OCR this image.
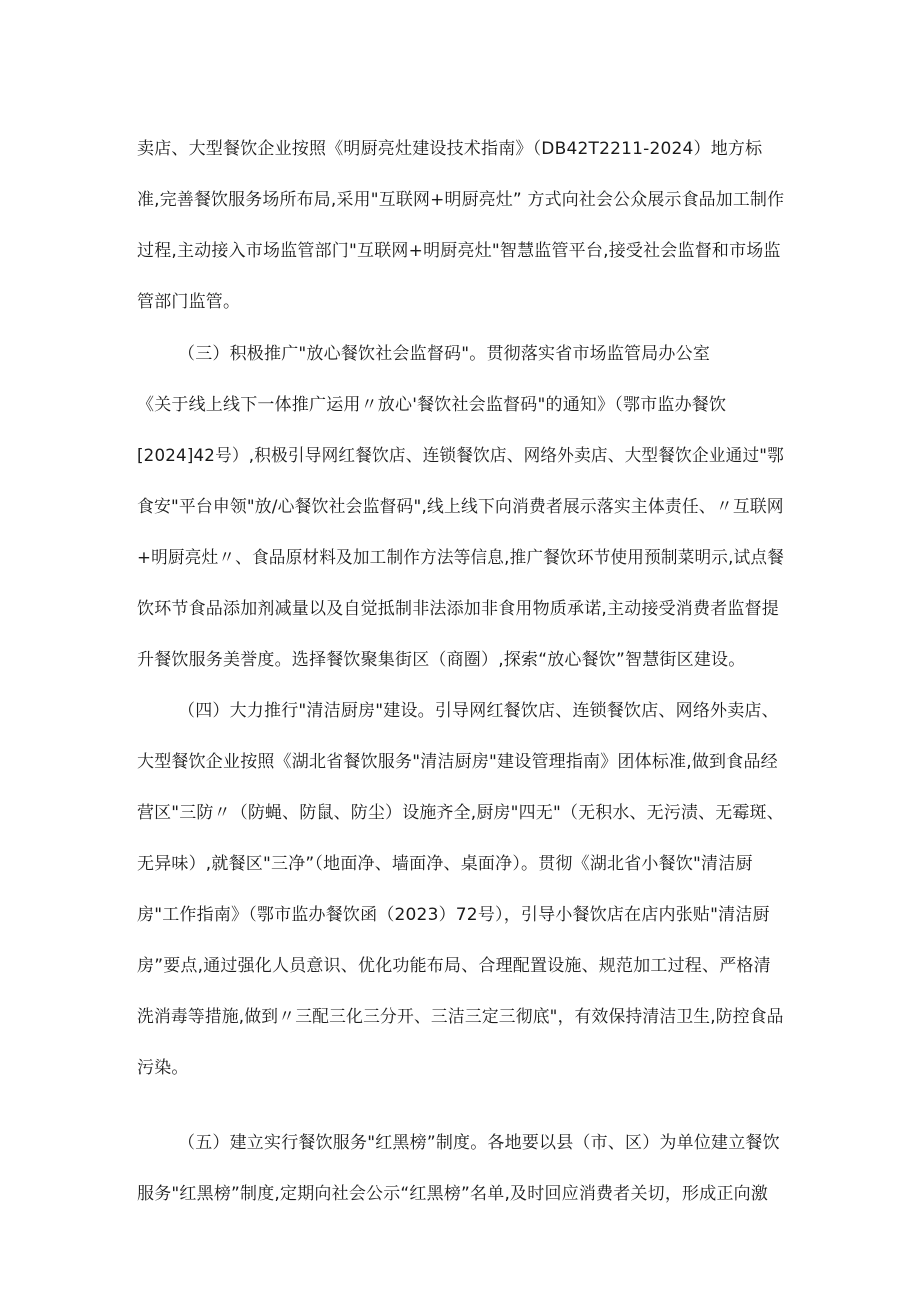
卖店、大型餐饮企业按照《明厨亮灶建设技术指南》（DB42T2211-2024）地方标
准,完善餐饮服务场所布局,采用"互联网+明厨亮灶” 方式向社会公众展示食品加工制作
过程,主动接入市场监管部门"互联网+明厨亮灶"智慧监管平台,接受社会监督和市场监
管部门监管。
（三）积极推广"放心餐饮社会监督码"。贯彻落实省市场监管局办公室
《关于线上线下一体推广运用〃放心'餐饮社会监督码"的通知》（鄂市监办餐饮
[2024]42号）,积极引导网红餐饮店、连锁餐饮店、网络外卖店、大型餐饮企业通过"鄂
食安"平台申领"放/心餐饮社会监督码",线上线下向消费者展示落实主体责任、〃互联网
+明厨亮灶〃、食品原材料及加工制作方法等信息,推广餐饮环节使用预制菜明示,试点餐
饮环节食品添加剂减量以及自觉抵制非法添加非食用物质承诺,主动接受消费者监督提
升餐饮服务美誉度。选择餐饮聚集街区（商圈）,探索“放心餐饮”智慧街区建设。
（四）大力推行"清洁厨房"建设。引导网红餐饮店、连锁餐饮店、网络外卖店、
大型餐饮企业按照《湖北省餐饮服务"清洁厨房"建设管理指南》团体标准,做到食品经
营区"三防〃（防蝇、防鼠、防尘）设施齐全,厨房"四无"（无积水、无污渍、无霉斑、
无异味）,就餐区"三净”（地面净、墙面净、桌面净）。贯彻《湖北省小餐饮"清洁厨
房"工作指南》（鄂市监办餐饮函（2023）72号），引导小餐饮店在店内张贴"清洁厨
房”要点,通过强化人员意识、优化功能布局、合理配置设施、规范加工过程、严格清
洗消毒等措施,做到〃三配三化三分开、三洁三定三彻底"，有效保持清洁卫生,防控食品
污染。
（五）建立实行餐饮服务"红黑榜”制度。各地要以县（市、区）为单位建立餐饮
服务"红黑榜”制度,定期向社会公示“红黑榜”名单,及时回应消费者关切，形成正向激
